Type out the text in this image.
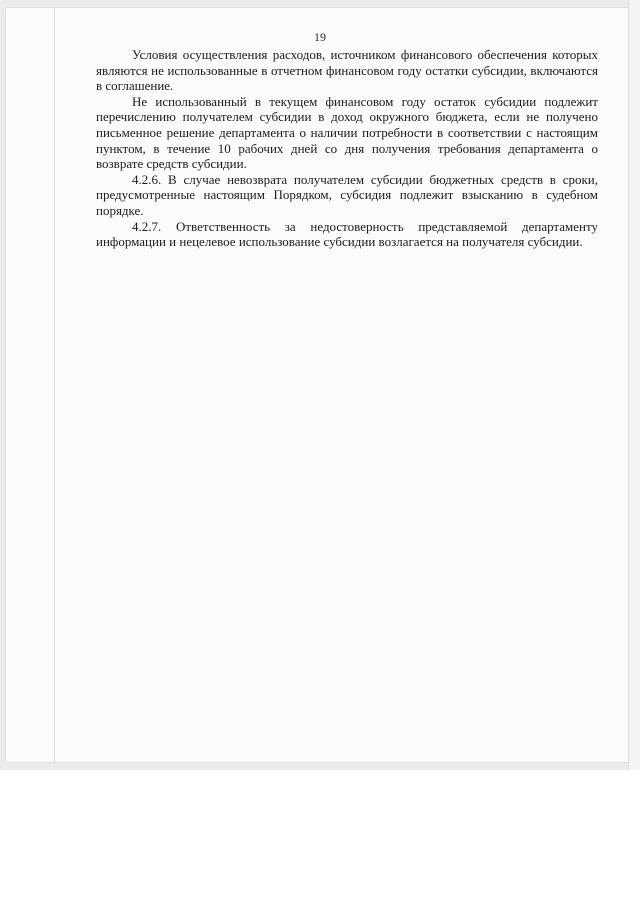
19

Условия осуществления расходов, источником финансового обеспечения которых являются не использованные в отчетном финансовом году остатки субсидии, включаются в соглашение.

Не использованный в текущем финансовом году остаток субсидии подлежит перечислению получателем субсидии в доход окружного бюджета, если не получено письменное решение департамента о наличии потребности в соответствии с настоящим пунктом, в течение 10 рабочих дней со дня получения требования департамента о возврате средств субсидии.

4.2.6. В случае невозврата получателем субсидии бюджетных средств в сроки, предусмотренные настоящим Порядком, субсидия подлежит взысканию в судебном порядке.

4.2.7. Ответственность за недостоверность представляемой департаменту информации и нецелевое использование субсидии возлагается на получателя субсидии.
